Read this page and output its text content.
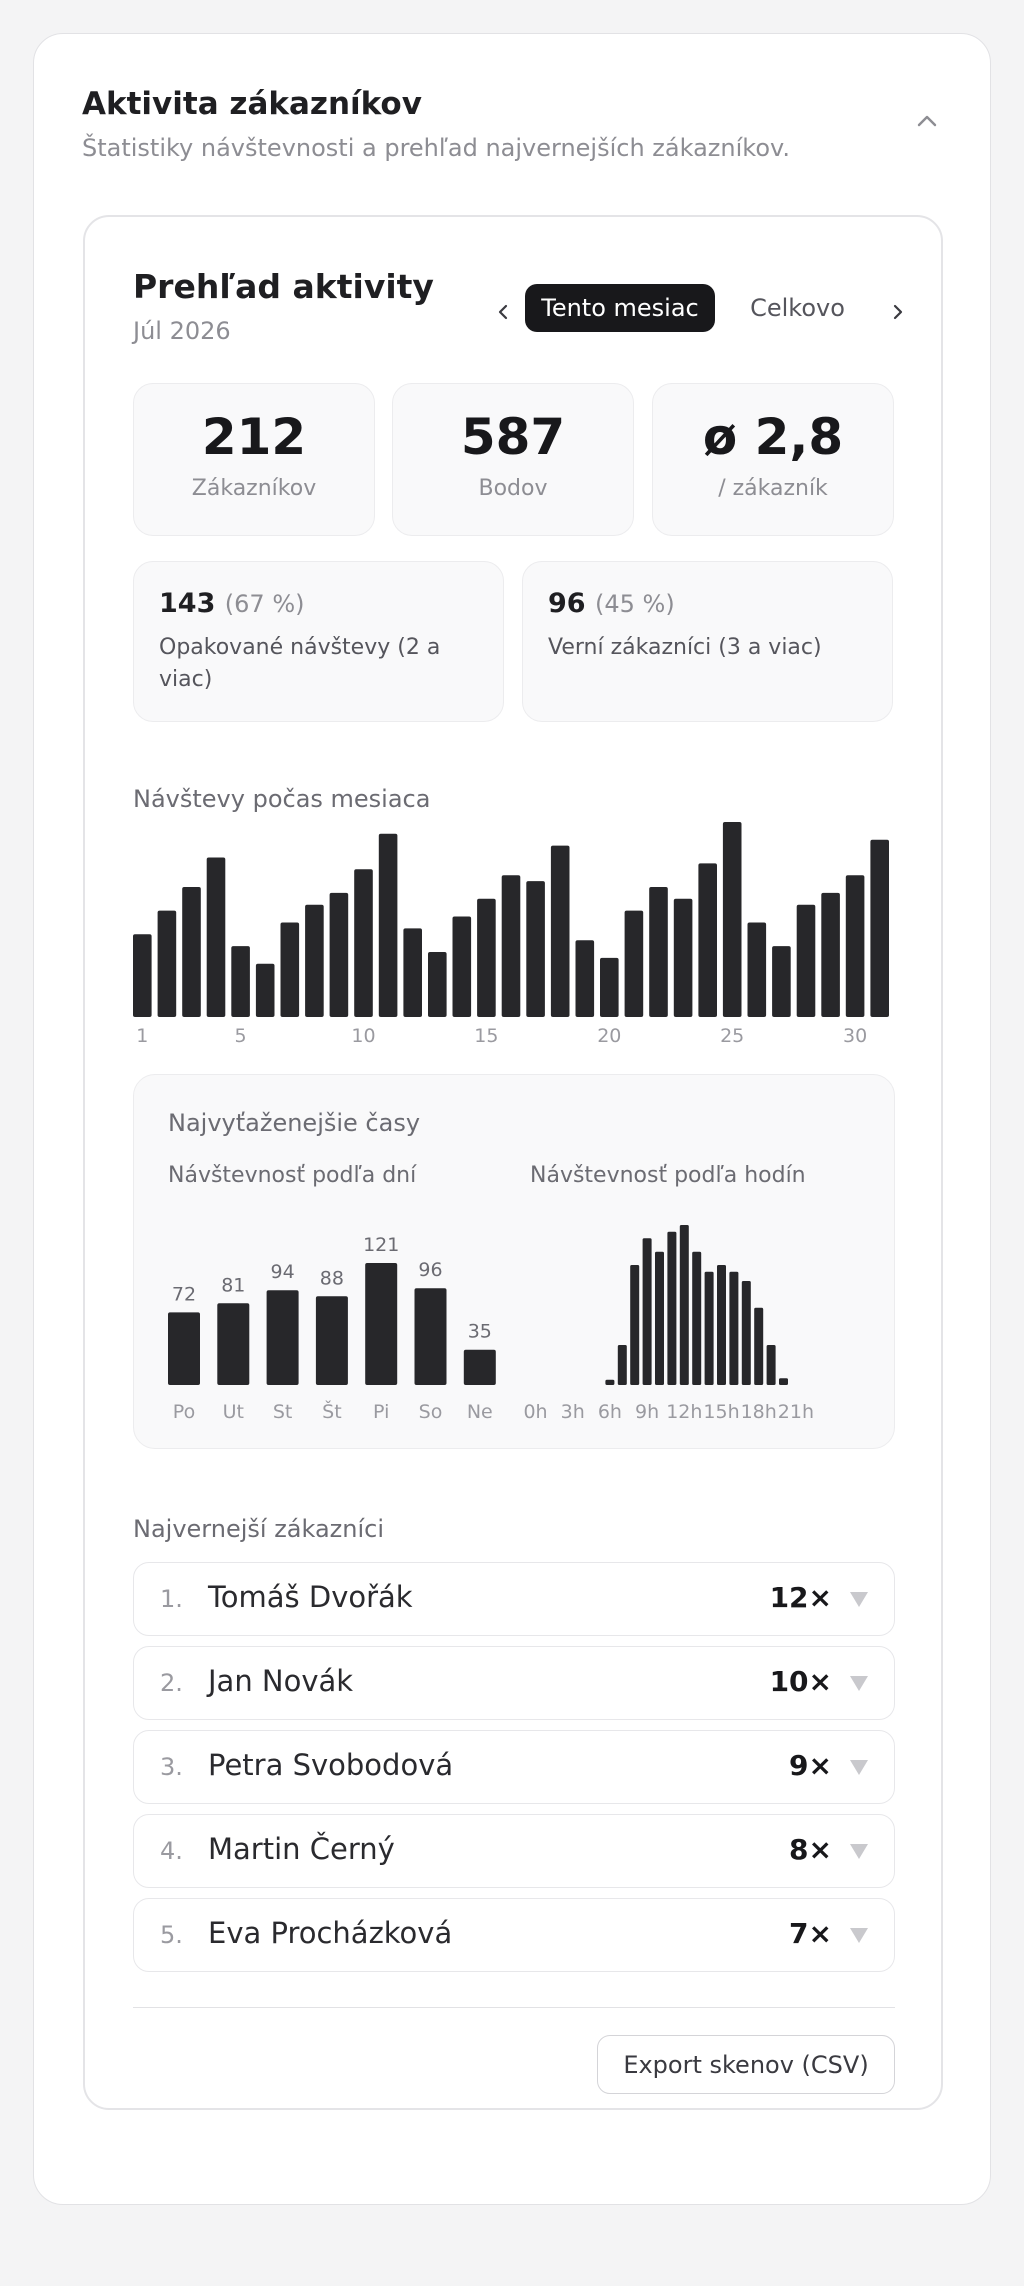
Aktivita zákazníkov
Štatistiky návštevnosti a prehľad najvernejších zákazníkov.
Prehľad aktivity
Júl 2026
Tento mesiac	Celkovo
212
Zákazníkov
587
Bodov
ø 2,8
/ zákazník
143 (67 %)
Opakované návštevy (2 a viac)
96 (45 %)
Verní zákazníci (3 a viac)
Návštevy počas mesiaca
1	5	10	15	20	25	30
Najvyťaženejšie časy
Návštevnosť podľa dní	Návštevnosť podľa hodín
72
Po
81
Ut
94
St
88
Št
121
Pi
96
So
35
Ne 0h 3h 6h 9h 12h 15h 18h 21h
Najvernejší zákazníci
1. Tomáš Dvořák	12×
2. Jan Novák	10×
3. Petra Svobodová	9×
4. Martin Černý	8×
5. Eva Procházková	7×
Export skenov (CSV)
